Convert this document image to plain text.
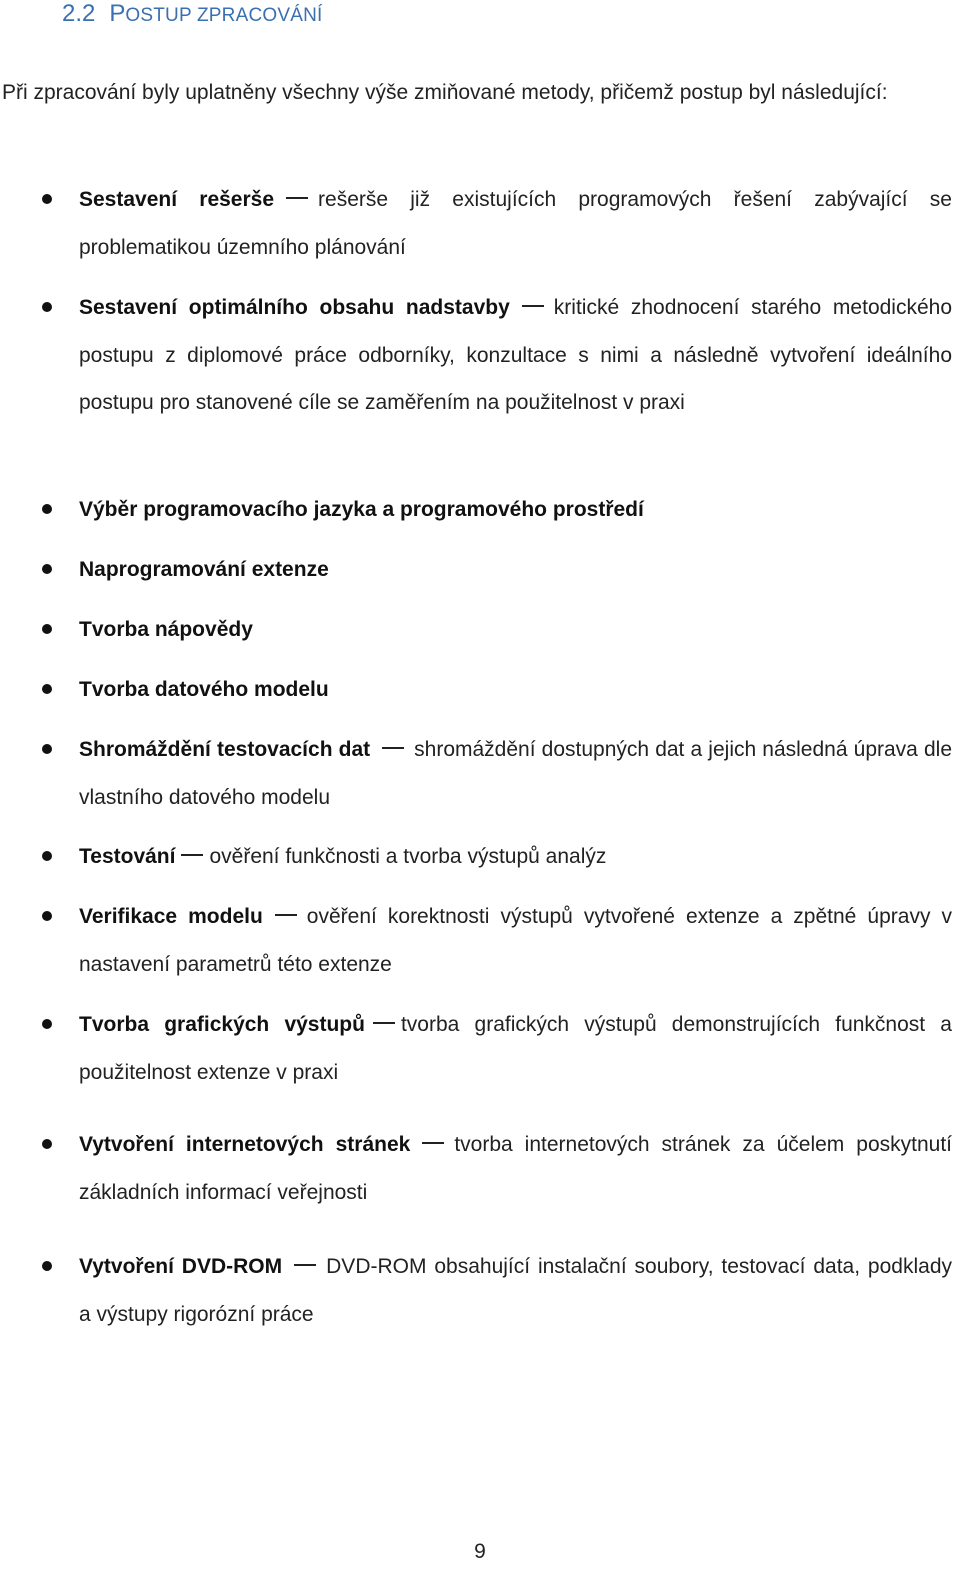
2.2 POSTUP ZPRACOVÁNÍ

Při zpracování byly uplatněny všechny výše zmiňované metody, přičemž postup byl následující:

Sestavení rešerše rešerše již existujících programových řešení zabývající se problematikou územního plánování
Sestavení optimálního obsahu nadstavby kritické zhodnocení starého metodického postupu z diplomové práce odborníky, konzultace s nimi a následně vytvoření ideálního postupu pro stanovené cíle se zaměřením na použitelnost v praxi
Výběr programovacího jazyka a programového prostředí
Naprogramování extenze
Tvorba nápovědy
Tvorba datového modelu
Shromáždění testovacích dat shromáždění dostupných dat a jejich následná úprava dle vlastního datového modelu
Testování ověření funkčnosti a tvorba výstupů analýz
Verifikace modelu ověření korektnosti výstupů vytvořené extenze a zpětné úpravy v nastavení parametrů této extenze
Tvorba grafických výstupů tvorba grafických výstupů demonstrujících funkčnost a použitelnost extenze v praxi
Vytvoření internetových stránek tvorba internetových stránek za účelem poskytnutí základních informací veřejnosti
Vytvoření DVD-ROM DVD-ROM obsahující instalační soubory, testovací data, podklady a výstupy rigorózní práce
9
